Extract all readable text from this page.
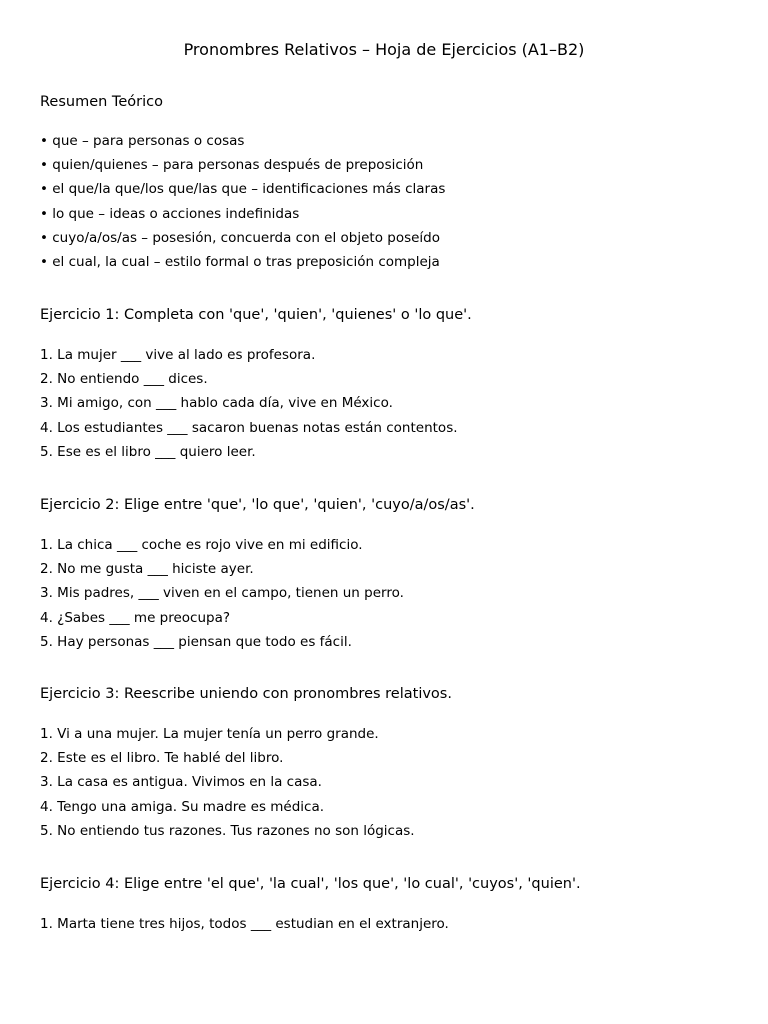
Pronombres Relativos – Hoja de Ejercicios (A1–B2)
Resumen Teórico
• que – para personas o cosas
• quien/quienes – para personas después de preposición
• el que/la que/los que/las que – identificaciones más claras
• lo que – ideas o acciones indefinidas
• cuyo/a/os/as – posesión, concuerda con el objeto poseído
• el cual, la cual – estilo formal o tras preposición compleja
Ejercicio 1: Completa con 'que', 'quien', 'quienes' o 'lo que'.
1. La mujer ___ vive al lado es profesora.
2. No entiendo ___ dices.
3. Mi amigo, con ___ hablo cada día, vive en México.
4. Los estudiantes ___ sacaron buenas notas están contentos.
5. Ese es el libro ___ quiero leer.
Ejercicio 2: Elige entre 'que', 'lo que', 'quien', 'cuyo/a/os/as'.
1. La chica ___ coche es rojo vive en mi edificio.
2. No me gusta ___ hiciste ayer.
3. Mis padres, ___ viven en el campo, tienen un perro.
4. ¿Sabes ___ me preocupa?
5. Hay personas ___ piensan que todo es fácil.
Ejercicio 3: Reescribe uniendo con pronombres relativos.
1. Vi a una mujer. La mujer tenía un perro grande.
2. Este es el libro. Te hablé del libro.
3. La casa es antigua. Vivimos en la casa.
4. Tengo una amiga. Su madre es médica.
5. No entiendo tus razones. Tus razones no son lógicas.
Ejercicio 4: Elige entre 'el que', 'la cual', 'los que', 'lo cual', 'cuyos', 'quien'.
1. Marta tiene tres hijos, todos ___ estudian en el extranjero.
